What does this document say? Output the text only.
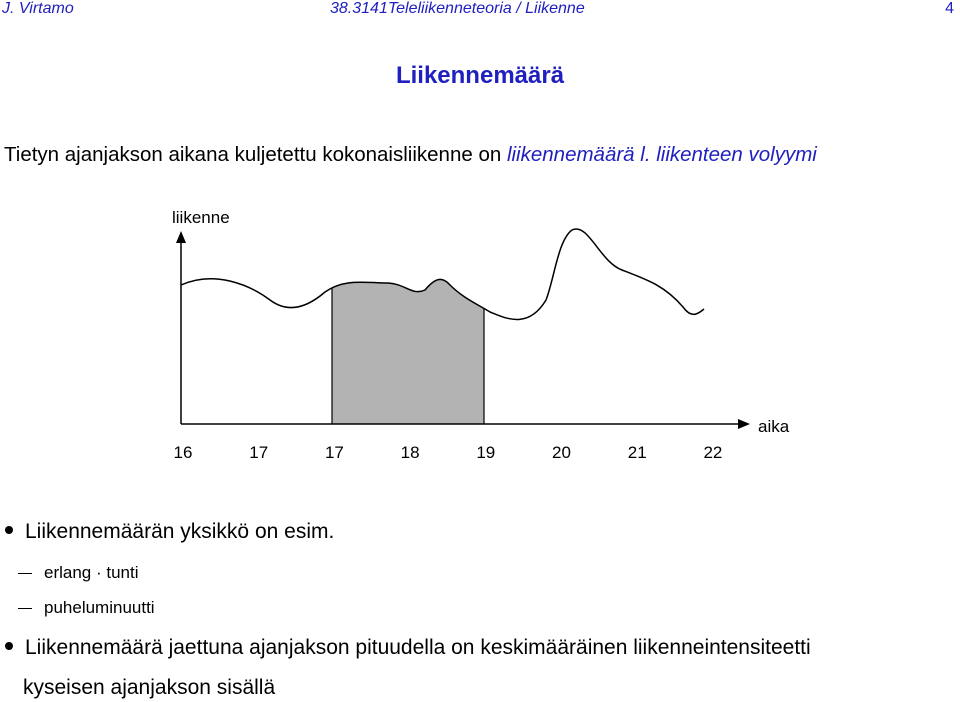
J. Virtamo	38.3141Teleliikenneteoria / Liikenne	4
Liikennemäärä
Tietyn ajanjakson aikana kuljetettu kokonaisliikenne on liikennemäärä l. liikenteen volyymi
liikenne
aika
16	17	17	18	19	20	21	22
Liikennemäärän yksikkö on esim.
erlang · tunti
puheluminuutti
Liikennemäärä jaettuna ajanjakson pituudella on keskimääräinen liikenneintensiteetti
kyseisen ajanjakson sisällä
